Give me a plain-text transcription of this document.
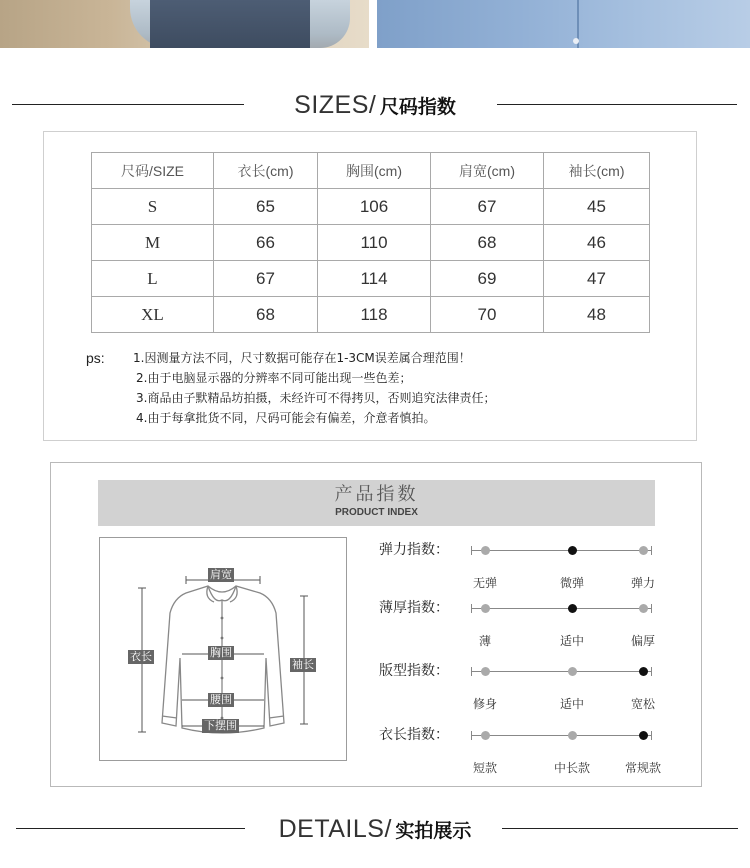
SIZES / 尺码指数
尺码/SIZE	衣长(cm)	胸围(cm)	肩宽(cm)	袖长(cm)
S	65	106	67	45
M	66	110	68	46
L	67	114	69	47
XL	68	118	70	48
ps: 1.因测量方法不同，尺寸数据可能存在1-3CM误差属合理范围！
2.由于电脑显示器的分辨率不同可能出现一些色差；
3.商品由子默精品坊拍摄，未经许可不得拷贝，否则追究法律责任；
4.由于每拿批货不同，尺码可能会有偏差，介意者慎拍。
产品指数
PRODUCT INDEX
肩宽
衣长	胸围
袖长
腰围
下摆围
弹力指数：
无弹	微弹	弹力
薄厚指数：
薄	适中	偏厚
版型指数：
修身	适中	宽松
衣长指数：
短款	中长款	常规款
DETAILS / 实拍展示
